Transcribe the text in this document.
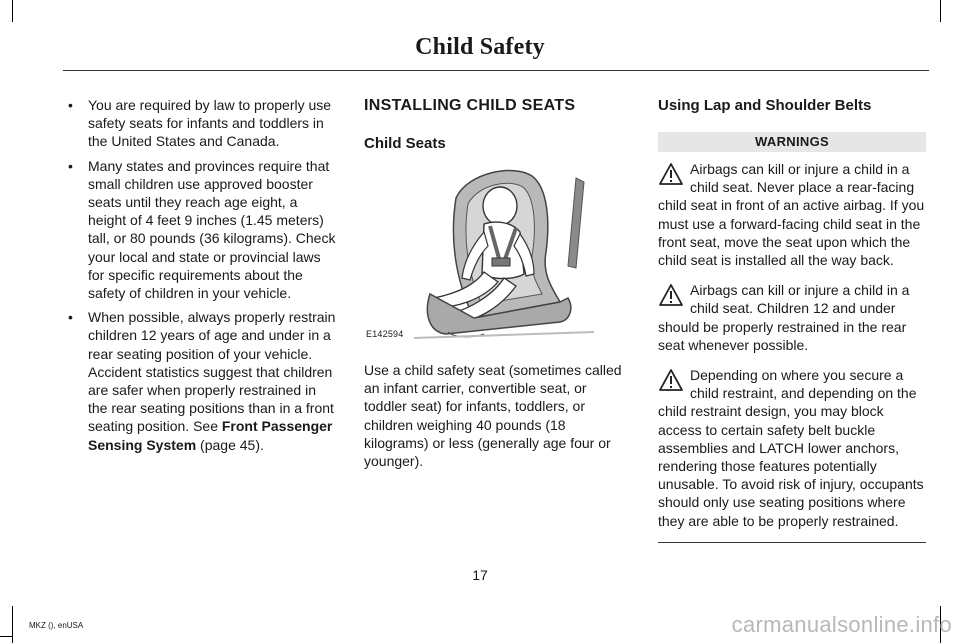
Child Safety
• You are required by law to properly use safety seats for infants and toddlers in the United States and Canada.
• Many states and provinces require that small children use approved booster seats until they reach age eight, a height of 4 feet 9 inches (1.45 meters) tall, or 80 pounds (36 kilograms). Check your local and state or provincial laws for specific requirements about the safety of children in your vehicle.
• When possible, always properly restrain children 12 years of age and under in a rear seating position of your vehicle. Accident statistics suggest that children are safer when properly restrained in the rear seating positions than in a front seating position. See Front Passenger Sensing System (page 45).
INSTALLING CHILD SEATS
Child Seats
E142594

Use a child safety seat (sometimes called an infant carrier, convertible seat, or toddler seat) for infants, toddlers, or children weighing 40 pounds (18 kilograms) or less (generally age four or younger).

Using Lap and Shoulder Belts
WARNINGS

Airbags can kill or injure a child in a child seat. Never place a rear-facing child seat in front of an active airbag. If you must use a forward-facing child seat in the front seat, move the seat upon which the child seat is installed all the way back.

Airbags can kill or injure a child in a child seat. Children 12 and under should be properly restrained in the rear seat whenever possible.

Depending on where you secure a child restraint, and depending on the child restraint design, you may block access to certain safety belt buckle assemblies and LATCH lower anchors, rendering those features potentially unusable. To avoid risk of injury, occupants should only use seating positions where they are able to be properly restrained.

17
MKZ (), enUSA	carmanualsonline.info
